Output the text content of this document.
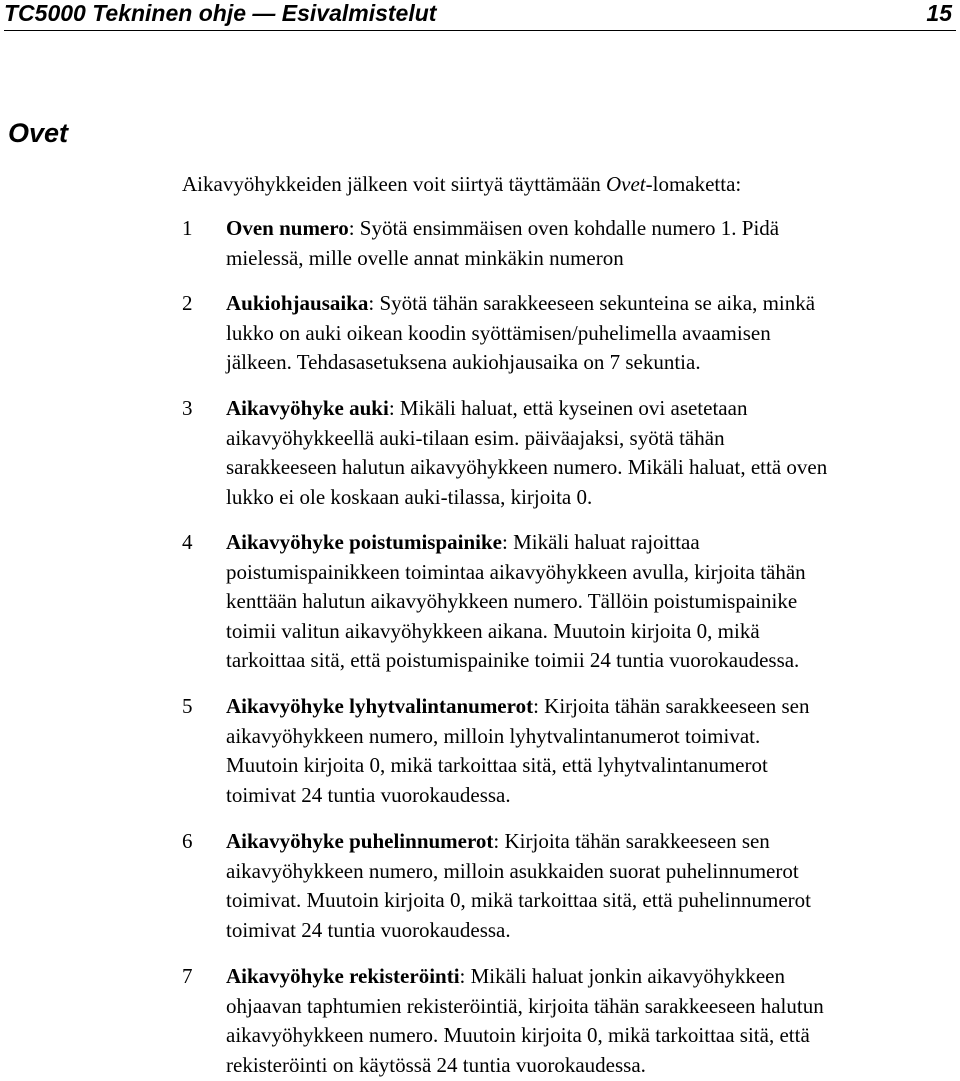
TC5000 Tekninen ohje — Esivalmistelut	15
Ovet

Aikavyöhykkeiden jälkeen voit siirtyä täyttämään Ovet-lomaketta:

1 Oven numero: Syötä ensimmäisen oven kohdalle numero 1. Pidä
mielessä, mille ovelle annat minkäkin numeron
2 Aukiohjausaika: Syötä tähän sarakkeeseen sekunteina se aika, minkä
lukko on auki oikean koodin syöttämisen/puhelimella avaamisen
jälkeen. Tehdasasetuksena aukiohjausaika on 7 sekuntia.
3 Aikavyöhyke auki: Mikäli haluat, että kyseinen ovi asetetaan
aikavyöhykkeellä auki-tilaan esim. päiväajaksi, syötä tähän
sarakkeeseen halutun aikavyöhykkeen numero. Mikäli haluat, että oven
lukko ei ole koskaan auki-tilassa, kirjoita 0.
4 Aikavyöhyke poistumispainike: Mikäli haluat rajoittaa
poistumispainikkeen toimintaa aikavyöhykkeen avulla, kirjoita tähän
kenttään halutun aikavyöhykkeen numero. Tällöin poistumispainike
toimii valitun aikavyöhykkeen aikana. Muutoin kirjoita 0, mikä
tarkoittaa sitä, että poistumispainike toimii 24 tuntia vuorokaudessa.
5 Aikavyöhyke lyhytvalintanumerot: Kirjoita tähän sarakkeeseen sen
aikavyöhykkeen numero, milloin lyhytvalintanumerot toimivat.
Muutoin kirjoita 0, mikä tarkoittaa sitä, että lyhytvalintanumerot
toimivat 24 tuntia vuorokaudessa.
6 Aikavyöhyke puhelinnumerot: Kirjoita tähän sarakkeeseen sen
aikavyöhykkeen numero, milloin asukkaiden suorat puhelinnumerot
toimivat. Muutoin kirjoita 0, mikä tarkoittaa sitä, että puhelinnumerot
toimivat 24 tuntia vuorokaudessa.
7 Aikavyöhyke rekisteröinti: Mikäli haluat jonkin aikavyöhykkeen
ohjaavan taphtumien rekisteröintiä, kirjoita tähän sarakkeeseen halutun
aikavyöhykkeen numero. Muutoin kirjoita 0, mikä tarkoittaa sitä, että
rekisteröinti on käytössä 24 tuntia vuorokaudessa.
